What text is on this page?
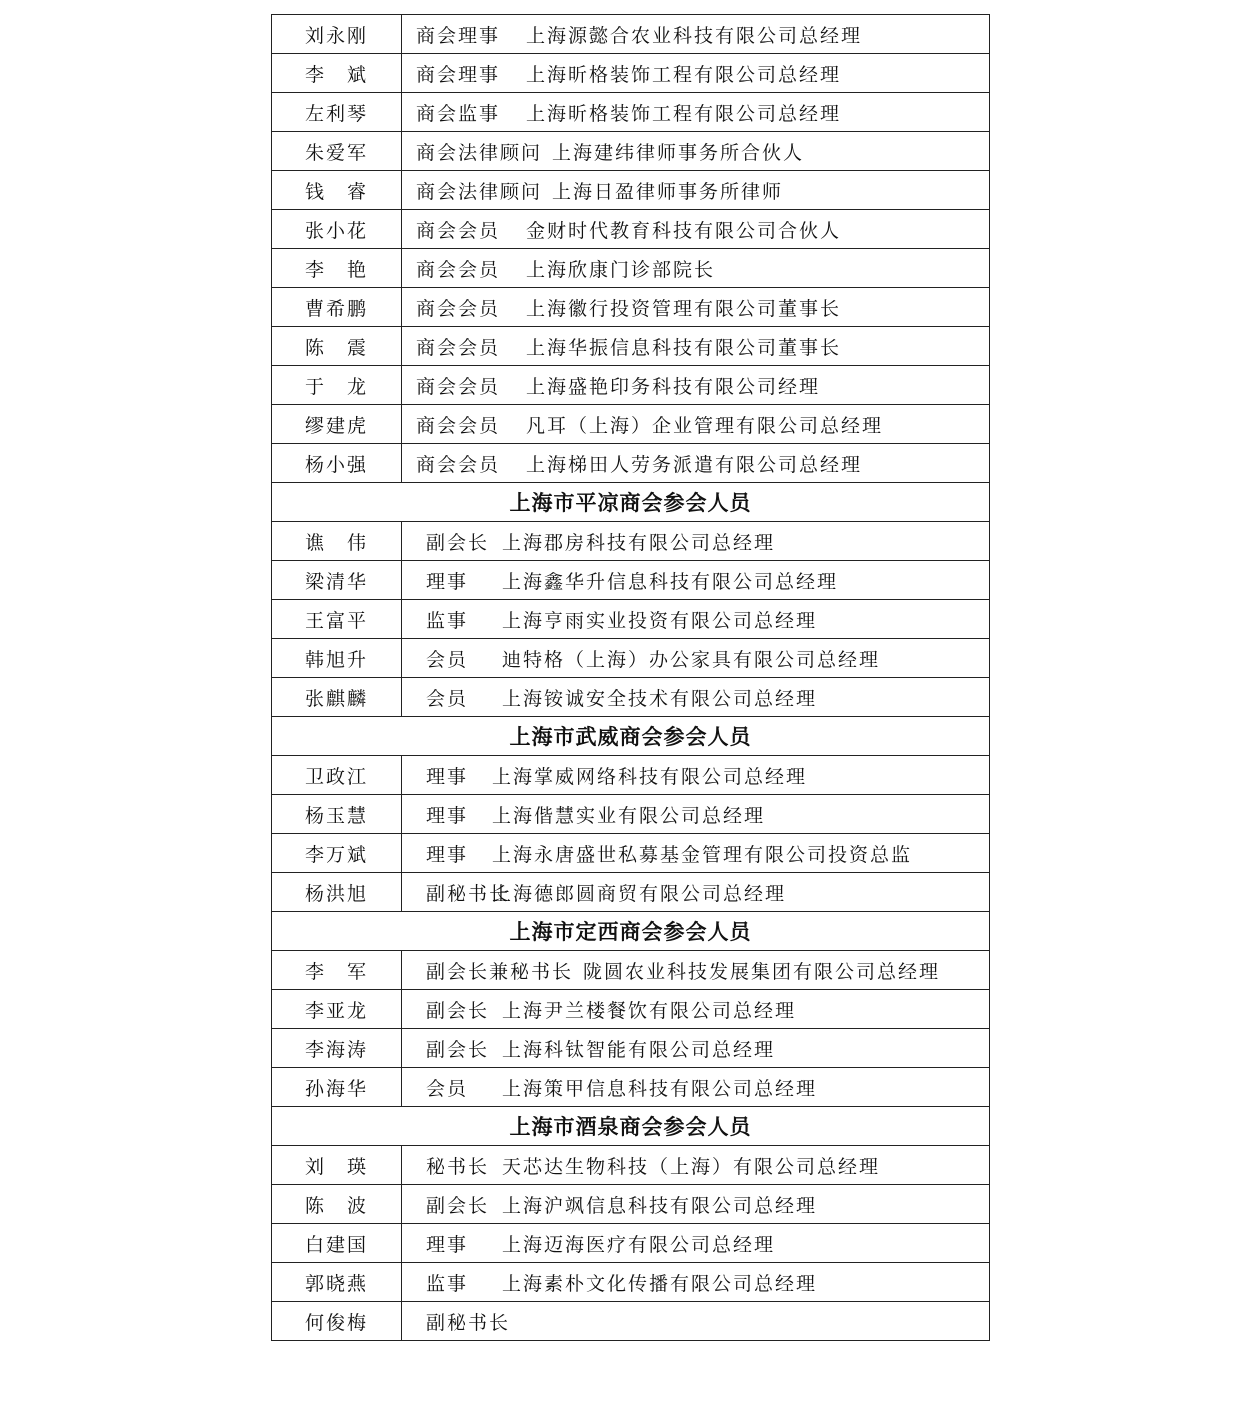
刘永刚	商会理事 上海源懿合农业科技有限公司总经理
李　斌	商会理事 上海昕格装饰工程有限公司总经理
左利琴	商会监事 上海昕格装饰工程有限公司总经理
朱爱军	商会法律顾问 上海建纬律师事务所合伙人
钱　睿	商会法律顾问 上海日盈律师事务所律师
张小花	商会会员 金财时代教育科技有限公司合伙人
李　艳	商会会员 上海欣康门诊部院长
曹希鹏	商会会员 上海徽行投资管理有限公司董事长
陈　震	商会会员 上海华振信息科技有限公司董事长
于　龙	商会会员 上海盛艳印务科技有限公司经理
缪建虎	商会会员 凡耳（上海）企业管理有限公司总经理
杨小强	商会会员 上海梯田人劳务派遣有限公司总经理
上海市平凉商会参会人员	
谯　伟	副会长 上海郡房科技有限公司总经理
梁清华	理事 上海鑫华升信息科技有限公司总经理
王富平	监事 上海亨雨实业投资有限公司总经理
韩旭升	会员 迪特格（上海）办公家具有限公司总经理
张麒麟	会员 上海铵诚安全技术有限公司总经理
上海市武威商会参会人员	
卫政江	理事 上海掌威网络科技有限公司总经理
杨玉慧	理事 上海偕慧实业有限公司总经理
李万斌	理事 上海永唐盛世私募基金管理有限公司投资总监
杨洪旭	副秘书长上海德郎圆商贸有限公司总经理
上海市定西商会参会人员	
李　军	副会长兼秘书长 陇圆农业科技发展集团有限公司总经理
李亚龙	副会长 上海尹兰楼餐饮有限公司总经理
李海涛	副会长 上海科钛智能有限公司总经理
孙海华	会员 上海策甲信息科技有限公司总经理
上海市酒泉商会参会人员	
刘　瑛	秘书长 天芯达生物科技（上海）有限公司总经理
陈　波	副会长 上海沪飒信息科技有限公司总经理
白建国	理事 上海迈海医疗有限公司总经理
郭晓燕	监事 上海素朴文化传播有限公司总经理
何俊梅	副秘书长
